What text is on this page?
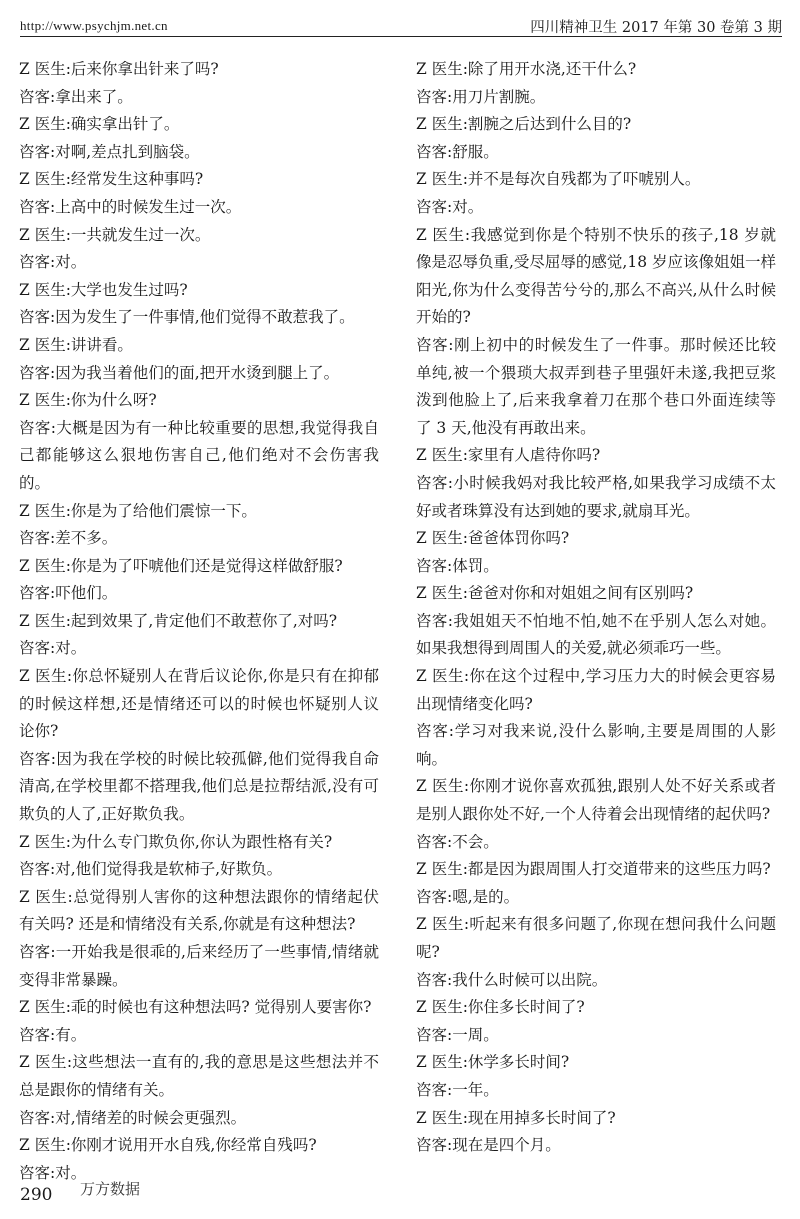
http://www.psychjm.net.cn	四川精神卫生 2017 年第 30 卷第 3 期

Z 医生:后来你拿出针来了吗?

咨客:拿出来了。

Z 医生:确实拿出针了。

咨客:对啊,差点扎到脑袋。

Z 医生:经常发生这种事吗?

咨客:上高中的时候发生过一次。

Z 医生:一共就发生过一次。

咨客:对。

Z 医生:大学也发生过吗?

咨客:因为发生了一件事情,他们觉得不敢惹我了。

Z 医生:讲讲看。

咨客:因为我当着他们的面,把开水烫到腿上了。

Z 医生:你为什么呀?

咨客:大概是因为有一种比较重要的思想,我觉得我自己都能够这么狠地伤害自己,他们绝对不会伤害我的。

Z 医生:你是为了给他们震惊一下。

咨客:差不多。

Z 医生:你是为了吓唬他们还是觉得这样做舒服?

咨客:吓他们。

Z 医生:起到效果了,肯定他们不敢惹你了,对吗?

咨客:对。

Z 医生:你总怀疑别人在背后议论你,你是只有在抑郁的时候这样想,还是情绪还可以的时候也怀疑别人议论你?

咨客:因为我在学校的时候比较孤僻,他们觉得我自命清高,在学校里都不搭理我,他们总是拉帮结派,没有可欺负的人了,正好欺负我。

Z 医生:为什么专门欺负你,你认为跟性格有关?

咨客:对,他们觉得我是软柿子,好欺负。

Z 医生:总觉得别人害你的这种想法跟你的情绪起伏有关吗? 还是和情绪没有关系,你就是有这种想法?

咨客:一开始我是很乖的,后来经历了一些事情,情绪就变得非常暴躁。

Z 医生:乖的时候也有这种想法吗? 觉得别人要害你?

咨客:有。

Z 医生:这些想法一直有的,我的意思是这些想法并不总是跟你的情绪有关。

咨客:对,情绪差的时候会更强烈。

Z 医生:你刚才说用开水自残,你经常自残吗?

咨客:对。

Z 医生:除了用开水浇,还干什么?

咨客:用刀片割腕。

Z 医生:割腕之后达到什么目的?

咨客:舒服。

Z 医生:并不是每次自残都为了吓唬别人。

咨客:对。

Z 医生:我感觉到你是个特别不快乐的孩子,18 岁就像是忍辱负重,受尽屈辱的感觉,18 岁应该像姐姐一样阳光,你为什么变得苦兮兮的,那么不高兴,从什么时候开始的?

咨客:刚上初中的时候发生了一件事。那时候还比较单纯,被一个猥琐大叔弄到巷子里强奸未遂,我把豆浆泼到他脸上了,后来我拿着刀在那个巷口外面连续等了 3 天,他没有再敢出来。

Z 医生:家里有人虐待你吗?

咨客:小时候我妈对我比较严格,如果我学习成绩不太好或者珠算没有达到她的要求,就扇耳光。

Z 医生:爸爸体罚你吗?

咨客:体罚。

Z 医生:爸爸对你和对姐姐之间有区别吗?

咨客:我姐姐天不怕地不怕,她不在乎别人怎么对她。如果我想得到周围人的关爱,就必须乖巧一些。

Z 医生:你在这个过程中,学习压力大的时候会更容易出现情绪变化吗?

咨客:学习对我来说,没什么影响,主要是周围的人影响。

Z 医生:你刚才说你喜欢孤独,跟别人处不好关系或者是别人跟你处不好,一个人待着会出现情绪的起伏吗?

咨客:不会。

Z 医生:都是因为跟周围人打交道带来的这些压力吗?

咨客:嗯,是的。

Z 医生:听起来有很多问题了,你现在想问我什么问题呢?

咨客:我什么时候可以出院。

Z 医生:你住多长时间了?

咨客:一周。

Z 医生:休学多长时间?

咨客:一年。

Z 医生:现在用掉多长时间了?

咨客:现在是四个月。

290 万方数据
